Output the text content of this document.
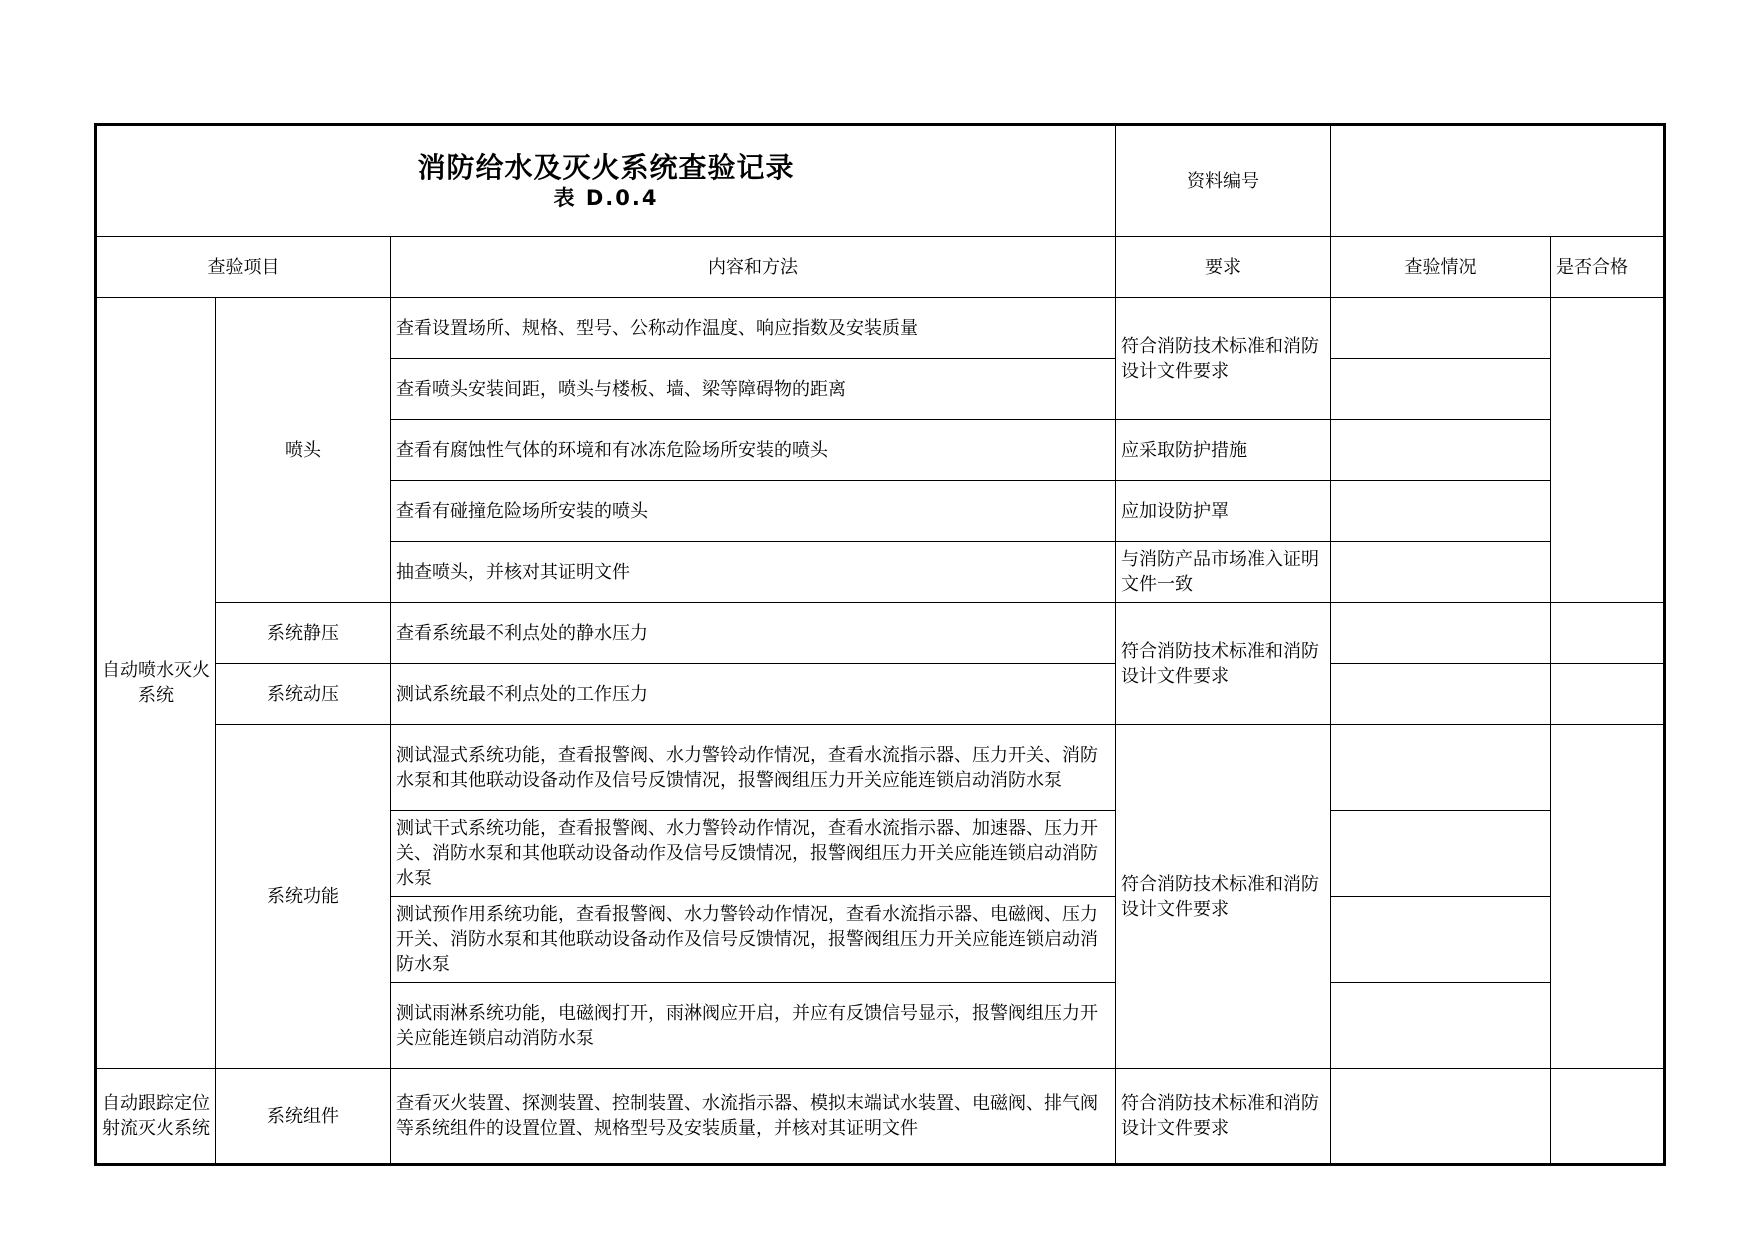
消防给水及灭火系统查验记录
表 D.0.4			资料编号		
查验项目		内容和方法	要求	查验情况	是否合格
自动喷水灭火系统	喷头	查看设置场所、规格、型号、公称动作温度、响应指数及安装质量	符合消防技术标准和消防设计文件要求		
		查看喷头安装间距，喷头与楼板、墙、梁等障碍物的距离			
		查看有腐蚀性气体的环境和有冰冻危险场所安装的喷头	应采取防护措施		
		查看有碰撞危险场所安装的喷头	应加设防护罩		
		抽查喷头，并核对其证明文件	与消防产品市场准入证明文件一致		
	系统静压	查看系统最不利点处的静水压力	符合消防技术标准和消防设计文件要求		
	系统动压	测试系统最不利点处的工作压力			
	系统功能	测试湿式系统功能，查看报警阀、水力警铃动作情况，查看水流指示器、压力开关、消防水泵和其他联动设备动作及信号反馈情况，报警阀组压力开关应能连锁启动消防水泵	符合消防技术标准和消防设计文件要求		
		测试干式系统功能，查看报警阀、水力警铃动作情况，查看水流指示器、加速器、压力开关、消防水泵和其他联动设备动作及信号反馈情况，报警阀组压力开关应能连锁启动消防水泵			
		测试预作用系统功能，查看报警阀、水力警铃动作情况，查看水流指示器、电磁阀、压力开关、消防水泵和其他联动设备动作及信号反馈情况，报警阀组压力开关应能连锁启动消防水泵			
		测试雨淋系统功能，电磁阀打开，雨淋阀应开启，并应有反馈信号显示，报警阀组压力开关应能连锁启动消防水泵			
自动跟踪定位射流灭火系统	系统组件	查看灭火装置、探测装置、控制装置、水流指示器、模拟末端试水装置、电磁阀、排气阀等系统组件的设置位置、规格型号及安装质量，并核对其证明文件	符合消防技术标准和消防设计文件要求		
